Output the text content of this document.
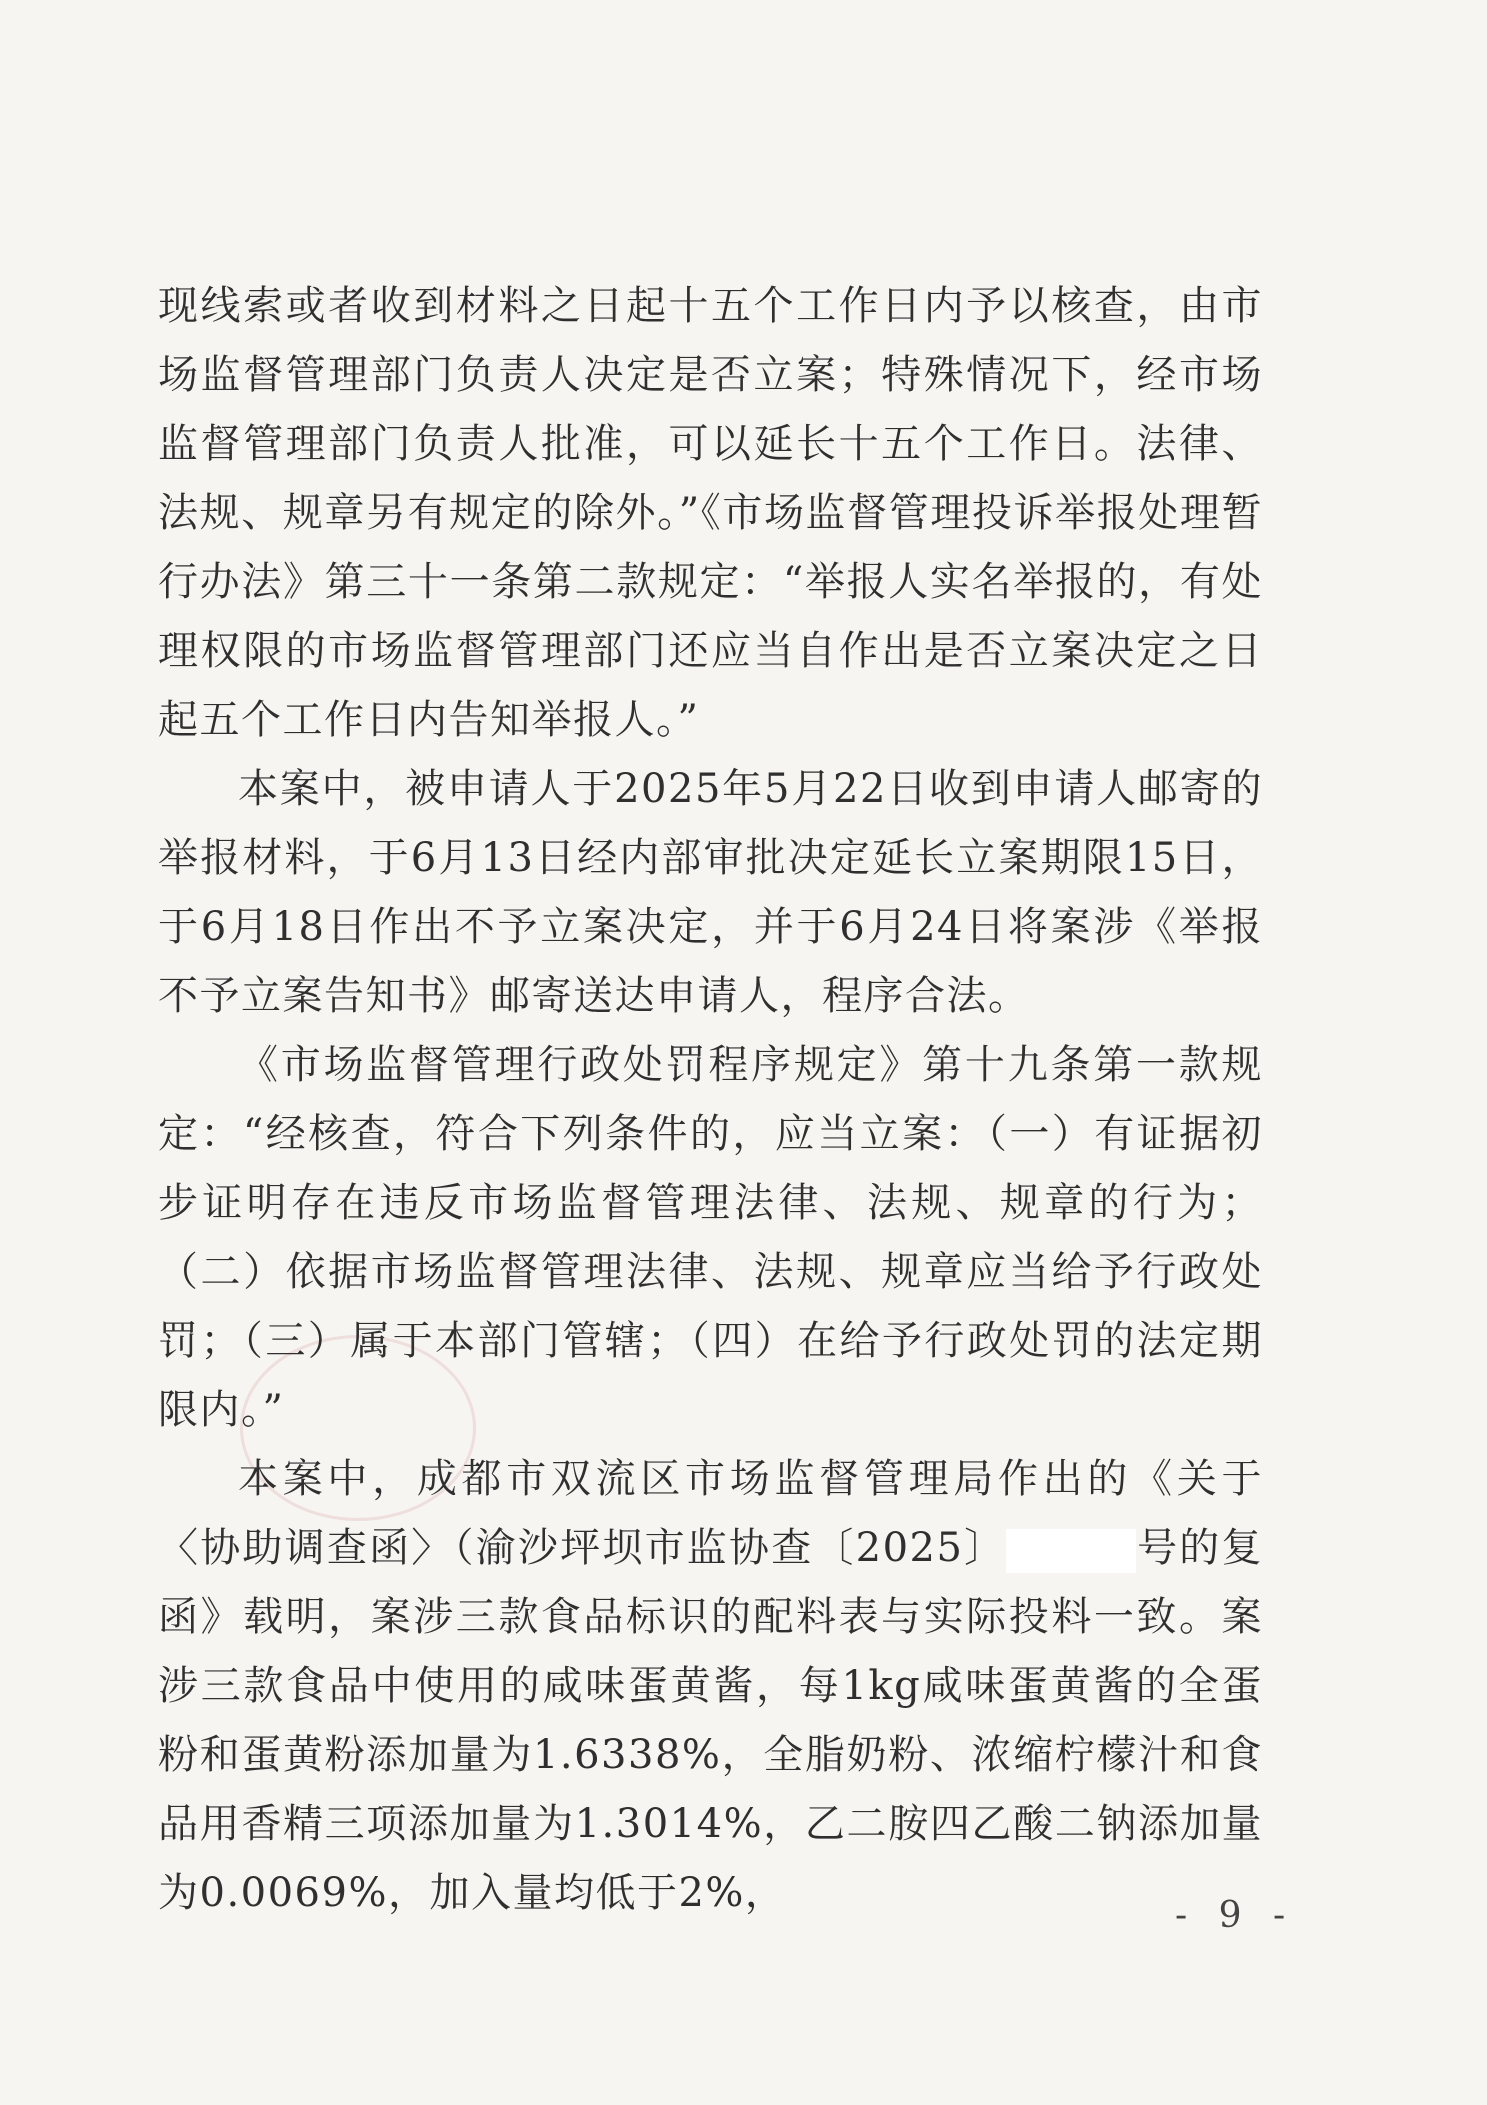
现线索或者收到材料之日起十五个工作日内予以核查，由市场监督管理部门负责人决定是否立案；特殊情况下，经市场监督管理部门负责人批准，可以延长十五个工作日。法律、法规、规章另有规定的除外。”《市场监督管理投诉举报处理暂行办法》第三十一条第二款规定：“举报人实名举报的，有处理权限的市场监督管理部门还应当自作出是否立案决定之日起五个工作日内告知举报人。”

本案中，被申请人于2025年5月22日收到申请人邮寄的举报材料，于6月13日经内部审批决定延长立案期限15日，于6月18日作出不予立案决定，并于6月24日将案涉《举报不予立案告知书》邮寄送达申请人，程序合法。

《市场监督管理行政处罚程序规定》第十九条第一款规定：“经核查，符合下列条件的，应当立案：（一）有证据初步证明存在违反市场监督管理法律、法规、规章的行为；（二）依据市场监督管理法律、法规、规章应当给予行政处罚；（三）属于本部门管辖；（四）在给予行政处罚的法定期限内。”

本案中，成都市双流区市场监督管理局作出的《关于〈协助调查函〉（渝沙坪坝市监协查〔2025〕	号的复函》载明，案涉三款食品标识的配料表与实际投料一致。案涉三款食品中使用的咸味蛋黄酱，每1kg咸味蛋黄酱的全蛋粉和蛋黄粉添加量为1.6338%，全脂奶粉、浓缩柠檬汁和食品用香精三项添加量为1.3014%，乙二胺四乙酸二钠添加量为0.0069%，加入量均低于2%，	- 9 -
